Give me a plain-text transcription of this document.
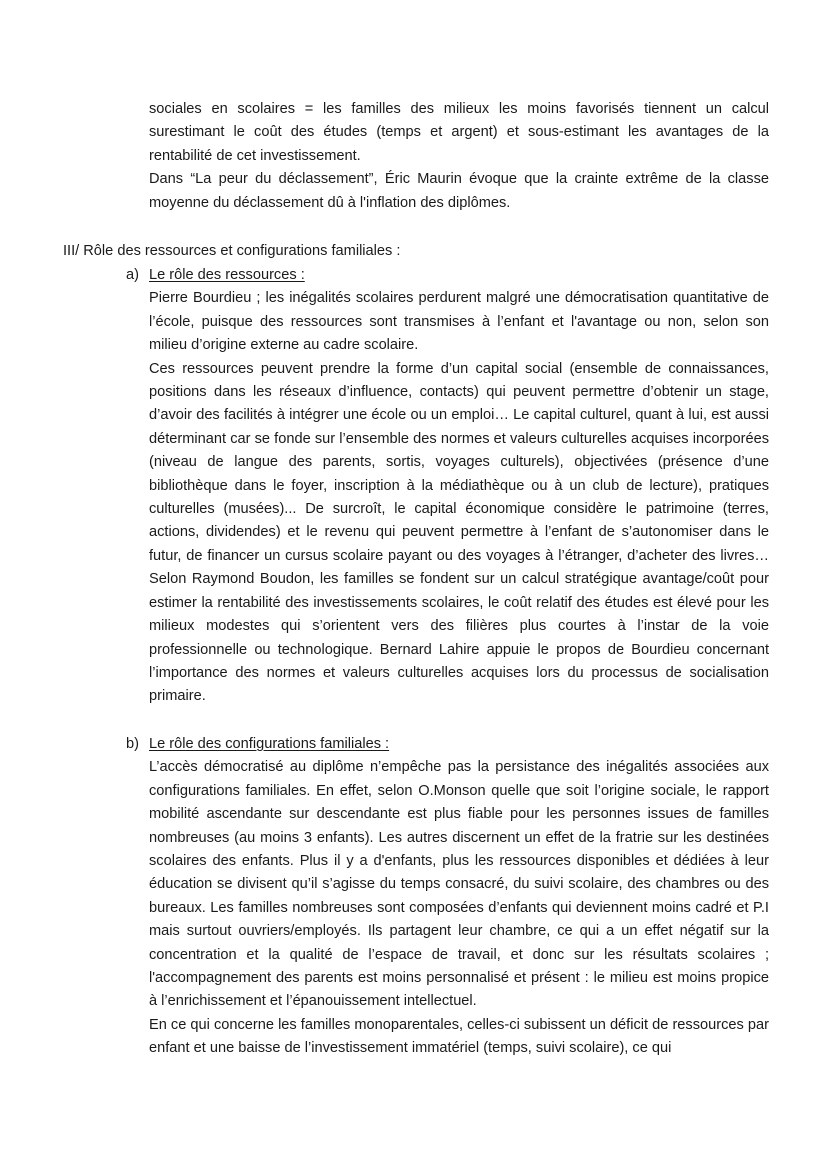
sociales en scolaires = les familles des milieux les moins favorisés tiennent un calcul surestimant le coût des études (temps et argent) et sous-estimant les avantages de la rentabilité de cet investissement.

Dans “La peur du déclassement”, Éric Maurin évoque que la crainte extrême de la classe moyenne du déclassement dû à l'inflation des diplômes.

III/ Rôle des ressources et configurations familiales :

a) Le rôle des ressources :

Pierre Bourdieu ; les inégalités scolaires perdurent malgré une démocratisation quantitative de l’école, puisque des ressources sont transmises à l’enfant et l'avantage ou non, selon son milieu d’origine externe au cadre scolaire.

Ces ressources peuvent prendre la forme d’un capital social (ensemble de connaissances, positions dans les réseaux d’influence, contacts) qui peuvent permettre d’obtenir un stage, d’avoir des facilités à intégrer une école ou un emploi… Le capital culturel, quant à lui, est aussi déterminant car se fonde sur l’ensemble des normes et valeurs culturelles acquises incorporées (niveau de langue des parents, sortis, voyages culturels), objectivées (présence d’une bibliothèque dans le foyer, inscription à la médiathèque ou à un club de lecture), pratiques culturelles (musées)... De surcroît, le capital économique considère le patrimoine (terres, actions, dividendes) et le revenu qui peuvent permettre à l’enfant de s’autonomiser dans le futur, de financer un cursus scolaire payant ou des voyages à l’étranger, d’acheter des livres… Selon Raymond Boudon, les familles se fondent sur un calcul stratégique avantage/coût pour estimer la rentabilité des investissements scolaires, le coût relatif des études est élevé pour les milieux modestes qui s’orientent vers des filières plus courtes à l’instar de la voie professionnelle ou technologique. Bernard Lahire appuie le propos de Bourdieu concernant l’importance des normes et valeurs culturelles acquises lors du processus de socialisation primaire.

b) Le rôle des configurations familiales :

L’accès démocratisé au diplôme n’empêche pas la persistance des inégalités associées aux configurations familiales. En effet, selon O.Monson quelle que soit l’origine sociale, le rapport mobilité ascendante sur descendante est plus fiable pour les personnes issues de familles nombreuses (au moins 3 enfants). Les autres discernent un effet de la fratrie sur les destinées scolaires des enfants. Plus il y a d'enfants, plus les ressources disponibles et dédiées à leur éducation se divisent qu’il s’agisse du temps consacré, du suivi scolaire, des chambres ou des bureaux. Les familles nombreuses sont composées d’enfants qui deviennent moins cadré et P.I mais surtout ouvriers/employés. Ils partagent leur chambre, ce qui a un effet négatif sur la concentration et la qualité de l’espace de travail, et donc sur les résultats scolaires ; l'accompagnement des parents est moins personnalisé et présent : le milieu est moins propice à l’enrichissement et l’épanouissement intellectuel.

En ce qui concerne les familles monoparentales, celles-ci subissent un déficit de ressources par enfant et une baisse de l’investissement immatériel (temps, suivi scolaire), ce qui
